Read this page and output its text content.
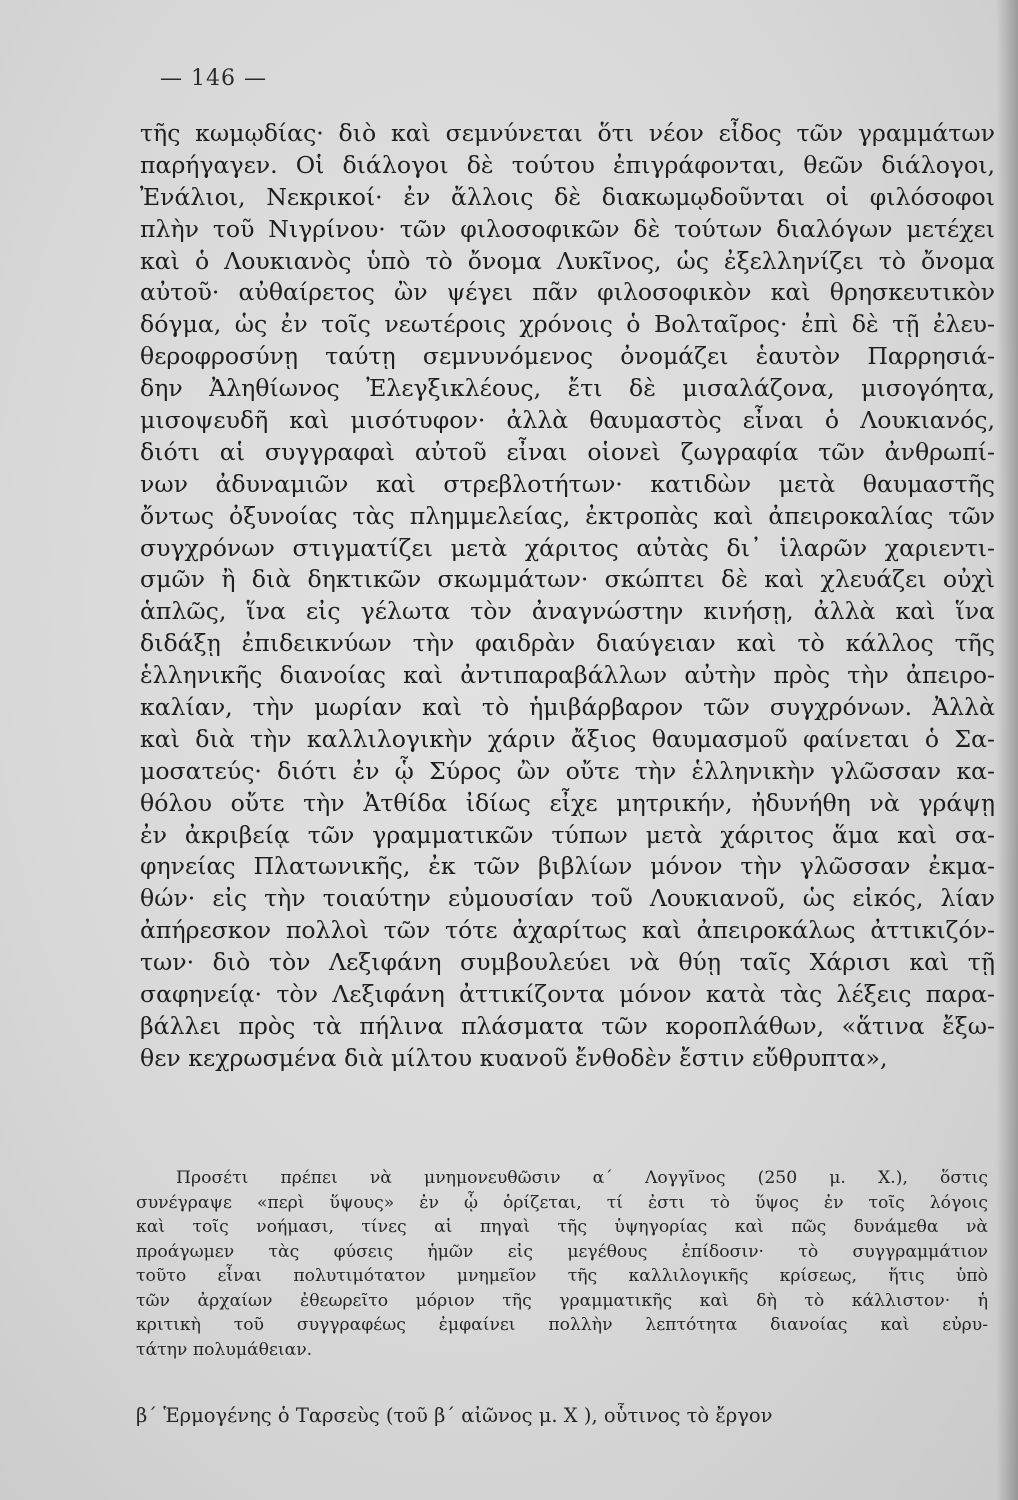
— 146 —
τῆς κωμῳδίας· διὸ καὶ σεμνύνεται ὅτι νέον εἶδος τῶν γραμμάτων
παρήγαγεν. Οἱ διάλογοι δὲ τούτου ἐπιγράφονται, θεῶν διάλογοι,
Ἐνάλιοι, Νεκρικοί· ἐν ἄλλοις δὲ διακωμῳδοῦνται οἱ φιλόσοφοι
πλὴν τοῦ Νιγρίνου· τῶν φιλοσοφικῶν δὲ τούτων διαλόγων μετέχει
καὶ ὁ Λουκιανὸς ὑπὸ τὸ ὄνομα Λυκῖνος, ὡς ἐξελληνίζει τὸ ὄνομα
αὐτοῦ· αὐθαίρετος ὢν ψέγει πᾶν φιλοσοφικὸν καὶ θρησκευτικὸν
δόγμα, ὡς ἐν τοῖς νεωτέροις χρόνοις ὁ Βολταῖρος· ἐπὶ δὲ τῇ ἐλευ-
θεροφροσύνῃ ταύτῃ σεμνυνόμενος ὀνομάζει ἑαυτὸν Παρρησιά-
δην Ἀληθίωνος Ἐλεγξικλέους, ἔτι δὲ μισαλάζονα, μισογόητα,
μισοψευδῆ καὶ μισότυφον· ἀλλὰ θαυμαστὸς εἶναι ὁ Λουκιανός,
διότι αἱ συγγραφαὶ αὐτοῦ εἶναι οἱονεὶ ζωγραφία τῶν ἀνθρωπί-
νων ἀδυναμιῶν καὶ στρεβλοτήτων· κατιδὼν μετὰ θαυμαστῆς
ὄντως ὀξυνοίας τὰς πλημμελείας, ἐκτροπὰς καὶ ἀπειροκαλίας τῶν
συγχρόνων στιγματίζει μετὰ χάριτος αὐτὰς δι᾿ ἱλαρῶν χαριεντι-
σμῶν ἢ διὰ δηκτικῶν σκωμμάτων· σκώπτει δὲ καὶ χλευάζει οὐχὶ
ἁπλῶς, ἵνα εἰς γέλωτα τὸν ἀναγνώστην κινήσῃ, ἀλλὰ καὶ ἵνα
διδάξῃ ἐπιδεικνύων τὴν φαιδρὰν διαύγειαν καὶ τὸ κάλλος τῆς
ἑλληνικῆς διανοίας καὶ ἀντιπαραβάλλων αὐτὴν πρὸς τὴν ἀπειρο-
καλίαν, τὴν μωρίαν καὶ τὸ ἡμιβάρβαρον τῶν συγχρόνων. Ἀλλὰ
καὶ διὰ τὴν καλλιλογικὴν χάριν ἄξιος θαυμασμοῦ φαίνεται ὁ Σα-
μοσατεύς· διότι ἐν ᾧ Σύρος ὢν οὔτε τὴν ἑλληνικὴν γλῶσσαν κα-
θόλου οὔτε τὴν Ἀτθίδα ἰδίως εἶχε μητρικήν, ἠδυνήθη νὰ γράψῃ
ἐν ἀκριβείᾳ τῶν γραμματικῶν τύπων μετὰ χάριτος ἅμα καὶ σα-
φηνείας Πλατωνικῆς, ἐκ τῶν βιβλίων μόνον τὴν γλῶσσαν ἐκμα-
θών· εἰς τὴν τοιαύτην εὐμουσίαν τοῦ Λουκιανοῦ, ὡς εἰκός, λίαν
ἀπήρεσκον πολλοὶ τῶν τότε ἀχαρίτως καὶ ἀπειροκάλως ἀττικιζόν-
των· διὸ τὸν Λεξιφάνη συμβουλεύει νὰ θύῃ ταῖς Χάρισι καὶ τῇ
σαφηνείᾳ· τὸν Λεξιφάνη ἀττικίζοντα μόνον κατὰ τὰς λέξεις παρα-
βάλλει πρὸς τὰ πήλινα πλάσματα τῶν κοροπλάθων, «ἅτινα ἔξω-
θεν κεχρωσμένα διὰ μίλτου κυανοῦ ἔνθοδὲν ἔστιν εὔθρυπτα»,
Προσέτι πρέπει νὰ μνημονευθῶσιν α΄ Λογγῖνος (250 μ. Χ.), ὅστις
συνέγραψε «περὶ ὕψους» ἐν ᾧ ὁρίζεται, τί ἐστι τὸ ὕψος ἐν τοῖς λόγοις
καὶ τοῖς νοήμασι, τίνες αἱ πηγαὶ τῆς ὑψηγορίας καὶ πῶς δυνάμεθα νὰ
προάγωμεν τὰς φύσεις ἡμῶν εἰς μεγέθους ἐπίδοσιν· τὸ συγγραμμάτιον
τοῦτο εἶναι πολυτιμότατον μνημεῖον τῆς καλλιλογικῆς κρίσεως, ἥτις ὑπὸ
τῶν ἀρχαίων ἐθεωρεῖτο μόριον τῆς γραμματικῆς καὶ δὴ τὸ κάλλιστον· ἡ
κριτικὴ τοῦ συγγραφέως ἐμφαίνει πολλὴν λεπτότητα διανοίας καὶ εὐρυ-
τάτην πολυμάθειαν.
β΄ Ἑρμογένης ὁ Ταρσεὺς (τοῦ β΄ αἰῶνος μ. Χ ), οὗτινος τὸ ἔργον
